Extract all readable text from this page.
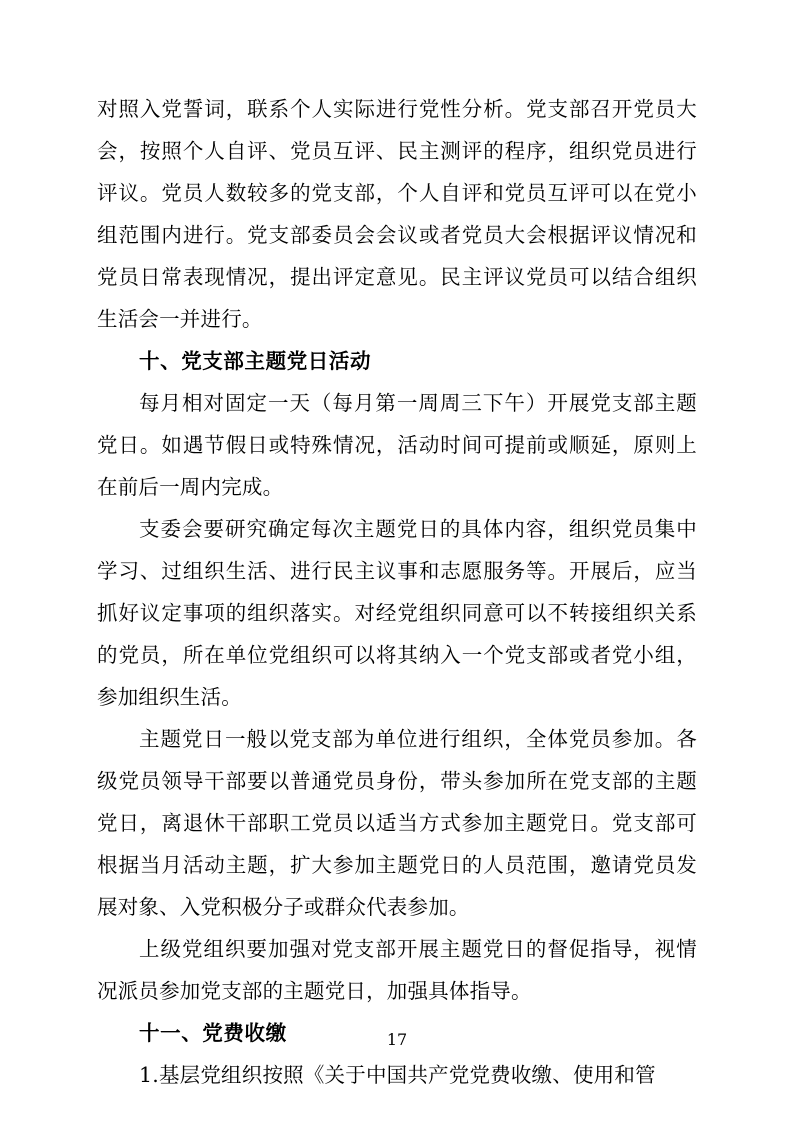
对照入党誓词，联系个人实际进行党性分析。党支部召开党员大会，按照个人自评、党员互评、民主测评的程序，组织党员进行评议。党员人数较多的党支部，个人自评和党员互评可以在党小组范围内进行。党支部委员会会议或者党员大会根据评议情况和党员日常表现情况，提出评定意见。民主评议党员可以结合组织生活会一并进行。

十、党支部主题党日活动

每月相对固定一天（每月第一周周三下午）开展党支部主题党日。如遇节假日或特殊情况，活动时间可提前或顺延，原则上在前后一周内完成。

支委会要研究确定每次主题党日的具体内容，组织党员集中学习、过组织生活、进行民主议事和志愿服务等。开展后，应当抓好议定事项的组织落实。对经党组织同意可以不转接组织关系的党员，所在单位党组织可以将其纳入一个党支部或者党小组，参加组织生活。

主题党日一般以党支部为单位进行组织，全体党员参加。各级党员领导干部要以普通党员身份，带头参加所在党支部的主题党日，离退休干部职工党员以适当方式参加主题党日。党支部可根据当月活动主题，扩大参加主题党日的人员范围，邀请党员发展对象、入党积极分子或群众代表参加。

上级党组织要加强对党支部开展主题党日的督促指导，视情况派员参加党支部的主题党日，加强具体指导。

十一、党费收缴

1.基层党组织按照《关于中国共产党党费收缴、使用和管

17
